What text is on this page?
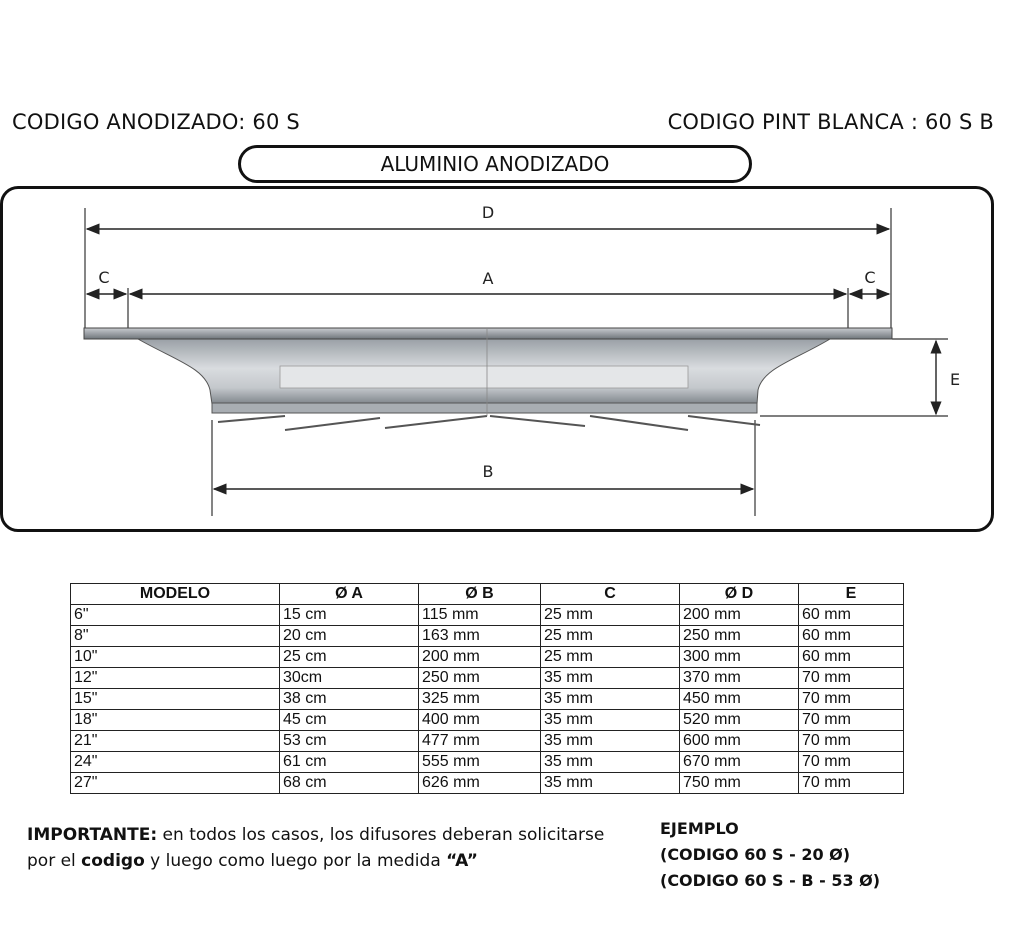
CODIGO ANODIZADO: 60 S	CODIGO PINT BLANCA : 60 S B
ALUMINIO ANODIZADO
D
A
C	C
E
B
MODELO	Ø A	Ø B	C	Ø D	E
6"	15 cm	115 mm	25 mm	200 mm	60 mm
8"	20 cm	163 mm	25 mm	250 mm	60 mm
10"	25 cm	200 mm	25 mm	300 mm	60 mm
12"	30cm	250 mm	35 mm	370 mm	70 mm
15"	38 cm	325 mm	35 mm	450 mm	70 mm
18"	45 cm	400 mm	35 mm	520 mm	70 mm
21"	53 cm	477 mm	35 mm	600 mm	70 mm
24"	61 cm	555 mm	35 mm	670 mm	70 mm
27"	68 cm	626 mm	35 mm	750 mm	70 mm
IMPORTANTE: en todos los casos, los difusores deberan solicitarse por el codigo y luego como luego por la medida “A”
EJEMPLO
(CODIGO 60 S - 20 Ø)
(CODIGO 60 S - B - 53 Ø)
